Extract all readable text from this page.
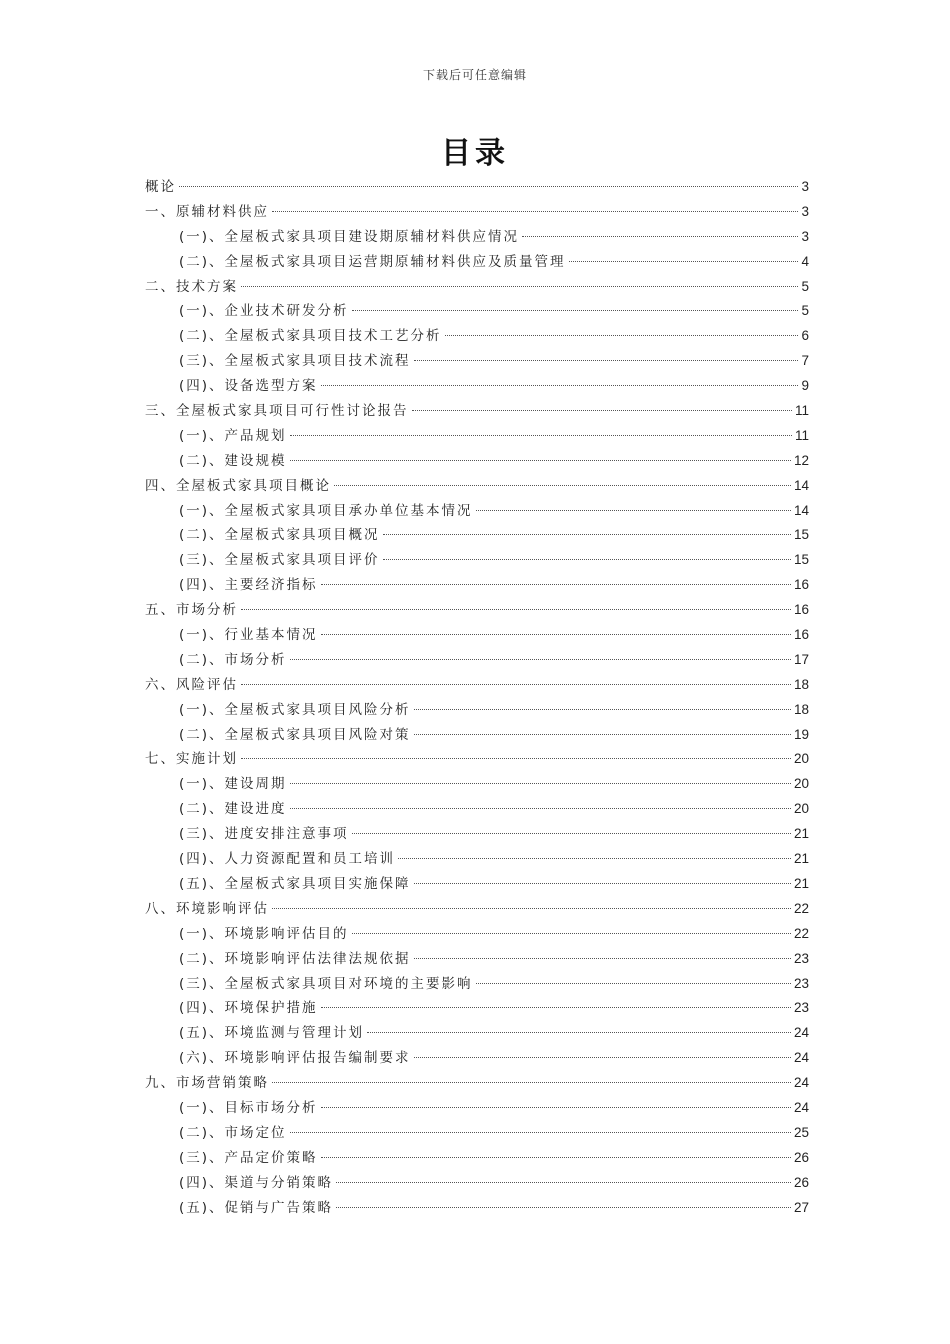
下载后可任意编辑
目录
概论	3
一、原辅材料供应	3
(一)、全屋板式家具项目建设期原辅材料供应情况	3
(二)、全屋板式家具项目运营期原辅材料供应及质量管理	4
二、技术方案	5
(一)、企业技术研发分析	5
(二)、全屋板式家具项目技术工艺分析	6
(三)、全屋板式家具项目技术流程	7
(四)、设备选型方案	9
三、全屋板式家具项目可行性讨论报告	11
(一)、产品规划	11
(二)、建设规模	12
四、全屋板式家具项目概论	14
(一)、全屋板式家具项目承办单位基本情况	14
(二)、全屋板式家具项目概况	15
(三)、全屋板式家具项目评价	15
(四)、主要经济指标	16
五、市场分析	16
(一)、行业基本情况	16
(二)、市场分析	17
六、风险评估	18
(一)、全屋板式家具项目风险分析	18
(二)、全屋板式家具项目风险对策	19
七、实施计划	20
(一)、建设周期	20
(二)、建设进度	20
(三)、进度安排注意事项	21
(四)、人力资源配置和员工培训	21
(五)、全屋板式家具项目实施保障	21
八、环境影响评估	22
(一)、环境影响评估目的	22
(二)、环境影响评估法律法规依据	23
(三)、全屋板式家具项目对环境的主要影响	23
(四)、环境保护措施	23
(五)、环境监测与管理计划	24
(六)、环境影响评估报告编制要求	24
九、市场营销策略	24
(一)、目标市场分析	24
(二)、市场定位	25
(三)、产品定价策略	26
(四)、渠道与分销策略	26
(五)、促销与广告策略	27
